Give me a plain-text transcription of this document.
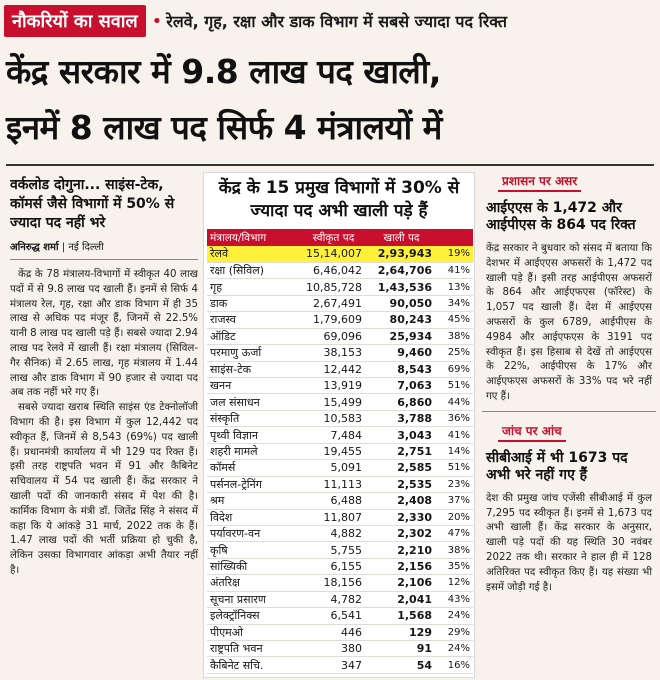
नौकरियों का सवाल • रेलवे, गृह, रक्षा और डाक विभाग में सबसे ज्यादा पद रिक्त
केंद्र सरकार में 9.8 लाख पद खाली,
इनमें 8 लाख पद सिर्फ 4 मंत्रालयों में
वर्कलोड दोगुना... साइंस-टेक, कॉमर्स जैसे विभागों में 50% से ज्यादा पद नहीं भरे
अनिरुद्ध शर्मा | नई दिल्ली

केंद्र के 78 मंत्रालय-विभागों में स्वीकृत 40 लाख पदों में से 9.8 लाख पद खाली हैं। इनमें से सिर्फ 4 मंत्रालय रेल, गृह, रक्षा और डाक विभाग में ही 35 लाख से अधिक पद मंजूर हैं, जिनमें से 22.5% यानी 8 लाख पद खाली पड़े हैं। सबसे ज्यादा 2.94 लाख पद रेलवे में खाली हैं। रक्षा मंत्रालय (सिविल-गैर सैनिक) में 2.65 लाख, गृह मंत्रालय में 1.44 लाख और डाक विभाग में 90 हजार से ज्यादा पद अब तक नहीं भरे गए हैं।

सबसे ज्यादा खराब स्थिति साइंस एंड टेक्नोलॉजी विभाग की है। इस विभाग में कुल 12,442 पद स्वीकृत हैं, जिनमें से 8,543 (69%) पद खाली हैं। प्रधानमंत्री कार्यालय में भी 129 पद रिक्त हैं। इसी तरह राष्ट्रपति भवन में 91 और कैबिनेट सचिवालय में 54 पद खाली हैं। केंद्र सरकार ने खाली पदों की जानकारी संसद में पेश की है। कार्मिक विभाग के मंत्री डॉ. जितेंद्र सिंह ने संसद में कहा कि ये आंकड़े 31 मार्च, 2022 तक के हैं। 1.47 लाख पदों की भर्ती प्रक्रिया हो चुकी है, लेकिन उसका विभागवार आंकड़ा अभी तैयार नहीं है।

केंद्र के 15 प्रमुख विभागों में 30% से ज्यादा पद अभी खाली पड़े हैं
मंत्रालय/विभाग	स्वीकृत पद	खाली पद	
रेलवे	15,14,007	2,93,943	19%
रक्षा (सिविल)	6,46,042	2,64,706	41%
गृह	10,85,728	1,43,536	13%
डाक	2,67,491	90,050	34%
राजस्व	1,79,609	80,243	45%
ऑडिट	69,096	25,934	38%
परमाणु ऊर्जा	38,153	9,460	25%
साइंस-टेक	12,442	8,543	69%
खनन	13,919	7,063	51%
जल संसाधन	15,499	6,860	44%
संस्कृति	10,583	3,788	36%
पृथ्वी विज्ञान	7,484	3,043	41%
शहरी मामले	19,455	2,751	14%
कॉमर्स	5,091	2,585	51%
पर्सनल-ट्रेनिंग	11,113	2,535	23%
श्रम	6,488	2,408	37%
विदेश	11,807	2,330	20%
पर्यावरण-वन	4,882	2,302	47%
कृषि	5,755	2,210	38%
सांख्यिकी	6,155	2,156	35%
अंतरिक्ष	18,156	2,106	12%
सूचना प्रसारण	4,782	2,041	43%
इलेक्ट्रॉनिक्स	6,541	1,568	24%
पीएमओ	446	129	29%
राष्ट्रपति भवन	380	91	24%
कैबिनेट सचि.	347	54	16%
प्रशासन पर असर
आईएएस के 1,472 और आईपीएस के 864 पद रिक्त
केंद्र सरकार ने बुधवार को संसद में बताया कि देशभर में आईएएस अफसरों के 1,472 पद खाली पड़े हैं। इसी तरह आईपीएस अफसरों के 864 और आईएफएस (फॉरेस्ट) के 1,057 पद खाली हैं। देश में आईएएस अफसरों के कुल 6789, आईपीएस के 4984 और आईएफएस के 3191 पद स्वीकृत हैं। इस हिसाब से देखें तो आईएएस के 22%, आईपीएस के 17% और आईएफएस अफसरों के 33% पद भरे नहीं गए हैं।
जांच पर आंच
सीबीआई में भी 1673 पद अभी भरे नहीं गए हैं
देश की प्रमुख जांच एजेंसी सीबीआई में कुल 7,295 पद स्वीकृत हैं। इनमें से 1,673 पद अभी खाली हैं। केंद्र सरकार के अनुसार, खाली पड़े पदों की यह स्थिति 30 नवंबर 2022 तक थी। सरकार ने हाल ही में 128 अतिरिक्त पद स्वीकृत किए हैं। यह संख्या भी इसमें जोड़ी गई है।
